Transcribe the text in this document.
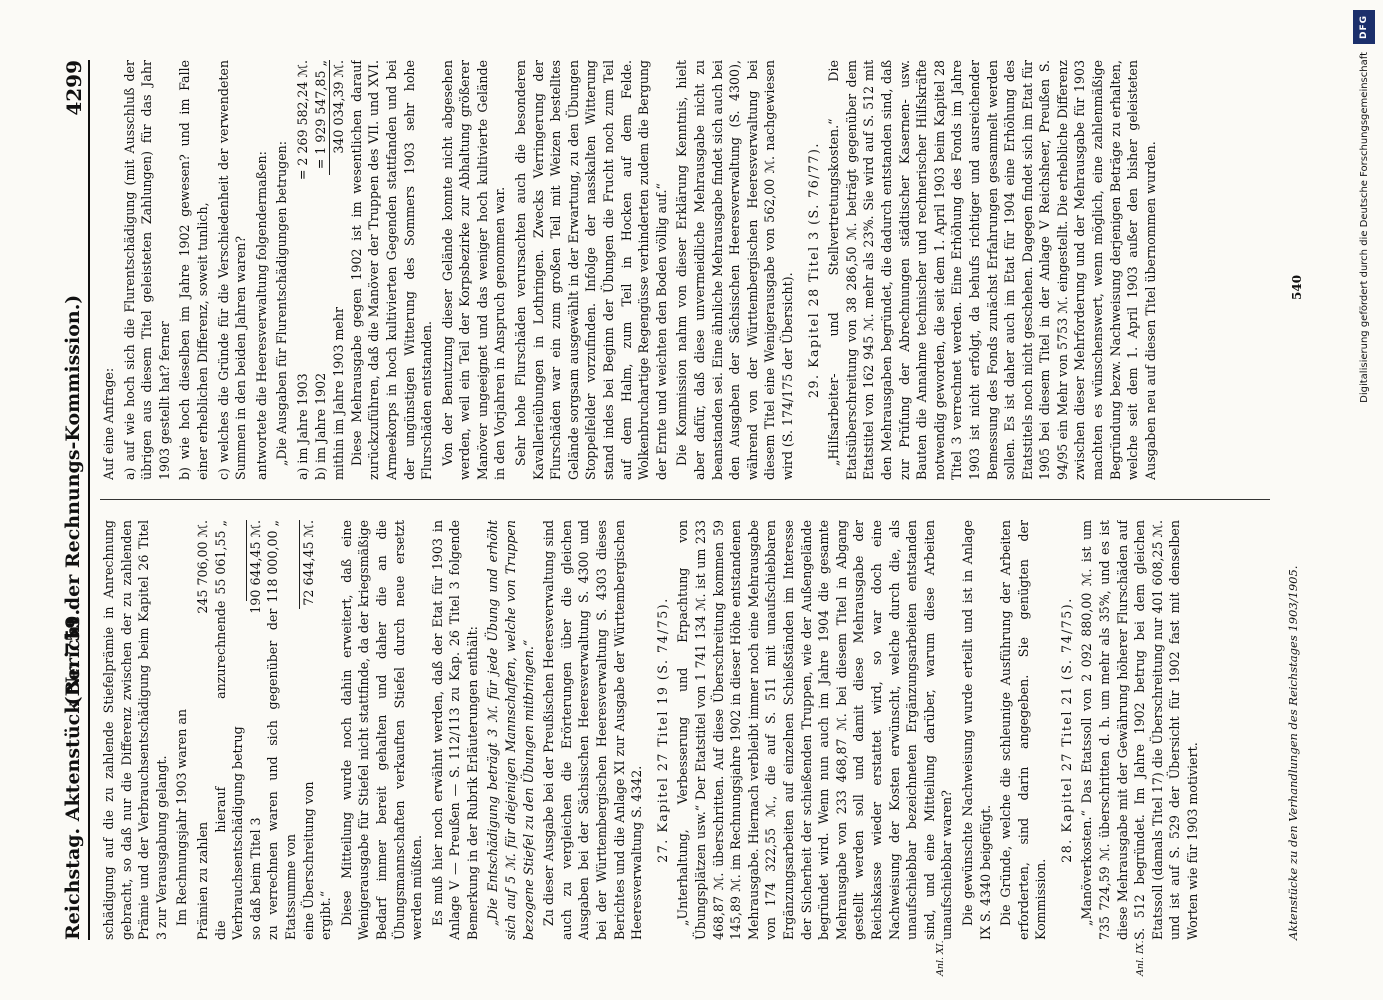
Reichstag. Aktenstück Nr. 759.
(Bericht der Rechnungs-Kommission.)
4299

schädigung auf die zu zahlende Stiefelprämie in Anrechnung gebracht, so daß nur die Differenz zwischen der zu zahlenden Prämie und der Verbrauchsentschädigung beim Kapitel 26 Titel 3 zur Verausgabung gelangt. Im Rechnungsjahr 1903 waren an Prämien zu zahlen
245 706,00 ℳ.
die hierauf anzurechnende Verbrauchsentschädigung betrug
55 061,55 „
so daß beim Titel 3
190 644,45 ℳ.
zu verrechnen waren und sich gegenüber der Etatssumme von
118 000,00 „
eine Überschreitung von
72 644,45 ℳ.

ergibt.“ Diese Mitteilung wurde noch dahin erweitert, daß eine Wenigerausgabe für Stiefel nicht stattfinde, da der kriegsmäßige Bedarf immer bereit gehalten und daher die an die Übungsmannschaften verkauften Stiefel durch neue ersetzt werden müßten. Es muß hier noch erwähnt werden, daß der Etat für 1903 in Anlage V — Preußen — S. 112/113 zu Kap. 26 Titel 3 folgende Bemerkung in der Rubrik Erläuterungen enthält: „Die Entschädigung beträgt 3 ℳ. für jede Übung und erhöht sich auf 5 ℳ. für diejenigen Mannschaften, welche von Truppen bezogene Stiefel zu den Übungen mitbringen.“ Zu dieser Ausgabe bei der Preußischen Heeresverwaltung sind auch zu vergleichen die Erörterungen über die gleichen Ausgaben bei der Sächsischen Heeresverwaltung S. 4300 und bei der Württembergischen Heeresverwaltung S. 4303 dieses Berichtes und die Anlage XI zur Ausgabe der Württembergischen Heeresverwaltung S. 4342. 27. Kapitel 27 Titel 19 (S. 74/75). „Unterhaltung, Verbesserung und Erpachtung von Übungsplätzen usw.“ Der Etatstitel von 1 741 134 ℳ. ist um 233 468,87 ℳ. überschritten. Auf diese Überschreitung kommen 59 145,89 ℳ. im Rechnungsjahre 1902 in dieser Höhe entstandenen Mehrausgabe. Hiernach verbleibt immer noch eine Mehrausgabe von 174 322,55 ℳ., die auf S. 511 mit unaufschiebbaren Ergänzungsarbeiten auf einzelnen Schießständen im Interesse der Sicherheit der schießenden Truppen, wie der Außengelände begründet wird. Wenn nun auch im Jahre 1904 die gesamte Mehrausgabe von 233 468,87 ℳ. bei diesem Titel in Abgang gestellt werden soll und damit diese Mehrausgabe der Reichskasse wieder erstattet wird, so war doch eine Nachweisung der Kosten erwünscht, welche durch die, als unaufschiebbar bezeichneten Ergänzungsarbeiten entstanden sind, und eine Mitteilung darüber, warum diese Arbeiten unaufschiebbar waren? Die gewünschte Nachweisung wurde erteilt und ist in Anlage IX S. 4340 beigefügt. Die Gründe, welche die schleunige Ausführung der Arbeiten erforderten, sind darin angegeben. Sie genügten der Kommission.

28. Kapitel 27 Titel 21 (S. 74/75). „Manöverkosten.“ Das Etatssoll von 2 092 880,00 ℳ. ist um 735 724,59 ℳ. überschritten d. h. um mehr als 35%, und es ist diese Mehrausgabe mit der Gewährung höherer Flurschäden auf S. 512 begründet. Im Jahre 1902 betrug bei dem gleichen Etatssoll (damals Titel 17) die Überschreitung nur 401 608,25 ℳ. und ist auf S. 529 der Übersicht für 1902 fast mit denselben Worten wie für 1903 motiviert.

Auf eine Anfrage: a) auf wie hoch sich die Flurentschädigung (mit Ausschluß der übrigen aus diesem Titel geleisteten Zahlungen) für das Jahr 1903 gestellt hat? ferner b) wie hoch dieselben im Jahre 1902 gewesen? und im Falle einer erheblichen Differenz, soweit tunlich, c) welches die Gründe für die Verschiedenheit der verwendeten Summen in den beiden Jahren waren? antwortete die Heeresverwaltung folgendermaßen: „Die Ausgaben für Flurentschädigungen betrugen: a) im Jahre 1903
= 2 269 582,24 ℳ.
b) im Jahre 1902
= 1 929 547,85 „
mithin im Jahre 1903 mehr
340 034,39 ℳ. Diese Mehrausgabe gegen 1902 ist im wesentlichen darauf zurückzuführen, daß die Manöver der Truppen des VII. und XVI. Armeekorps in hoch kultivierten Gegenden stattfanden und bei der ungünstigen Witterung des Sommers 1903 sehr hohe Flurschäden entstanden. Von der Benutzung dieser Gelände konnte nicht abgesehen werden, weil ein Teil der Korpsbezirke zur Abhaltung größerer Manöver ungeeignet und das weniger hoch kultivierte Gelände in den Vorjahren in Anspruch genommen war. Sehr hohe Flurschäden verursachten auch die besonderen Kavallerieübungen in Lothringen. Zwecks Verringerung der Flurschäden war ein zum großen Teil mit Weizen bestelltes Gelände sorgsam ausgewählt in der Erwartung, zu den Übungen Stoppelfelder vorzufinden. Infolge der nasskalten Witterung stand indes bei Beginn der Übungen die Frucht noch zum Teil auf dem Halm, zum Teil in Hocken auf dem Felde. Wolkenbruchartige Regengüsse verhinderten zudem die Bergung der Ernte und weichten den Boden völlig auf.“ Die Kommission nahm von dieser Erklärung Kenntnis, hielt aber dafür, daß diese unvermeidliche Mehrausgabe nicht zu beanstanden sei. Eine ähnliche Mehrausgabe findet sich auch bei den Ausgaben der Sächsischen Heeresverwaltung (S. 4300), während von der Württembergischen Heeresverwaltung bei diesem Titel eine Wenigerausgabe von 562,00 ℳ. nachgewiesen wird (S. 174/175 der Übersicht). 29. Kapitel 28 Titel 3 (S. 76/77). „Hilfsarbeiter- und Stellvertretungskosten.“ Die Etatsüberschreitung von 38 286,50 ℳ. beträgt gegenüber dem Etatstitel von 162 945 ℳ. mehr als 23%. Sie wird auf S. 512 mit den Mehrausgaben begründet, die dadurch entstanden sind, daß zur Prüfung der Abrechnungen städtischer Kasernen- usw. Bauten die Annahme technischer und rechnerischer Hilfskräfte notwendig geworden, die seit dem 1. April 1903 beim Kapitel 28 Titel 3 verrechnet werden. Eine Erhöhung des Fonds im Jahre 1903 ist nicht erfolgt, da behufs richtiger und ausreichender Bemessung des Fonds zunächst Erfahrungen gesammelt werden sollen. Es ist daher auch im Etat für 1904 eine Erhöhung des Etatstitels noch nicht geschehen. Dagegen findet sich im Etat für 1905 bei diesem Titel in der Anlage V Reichsheer, Preußen S. 94/95 ein Mehr von 5753 ℳ. eingestellt. Die erhebliche Differenz zwischen dieser Mehrforderung und der Mehrausgabe für 1903 machten es wünschenswert, wenn möglich, eine zahlenmäßige Begründung bezw. Nachweisung derjenigen Beträge zu erhalten, welche seit dem 1. April 1903 außer den bisher geleisteten Ausgaben neu auf diesen Titel übernommen wurden.

Anl. XI.	Anl. IX.
Aktenstücke zu den Verhandlungen des Reichstages 1903/1905.
540
DFG
Digitalisierung gefördert durch die Deutsche Forschungsgemeinschaft
